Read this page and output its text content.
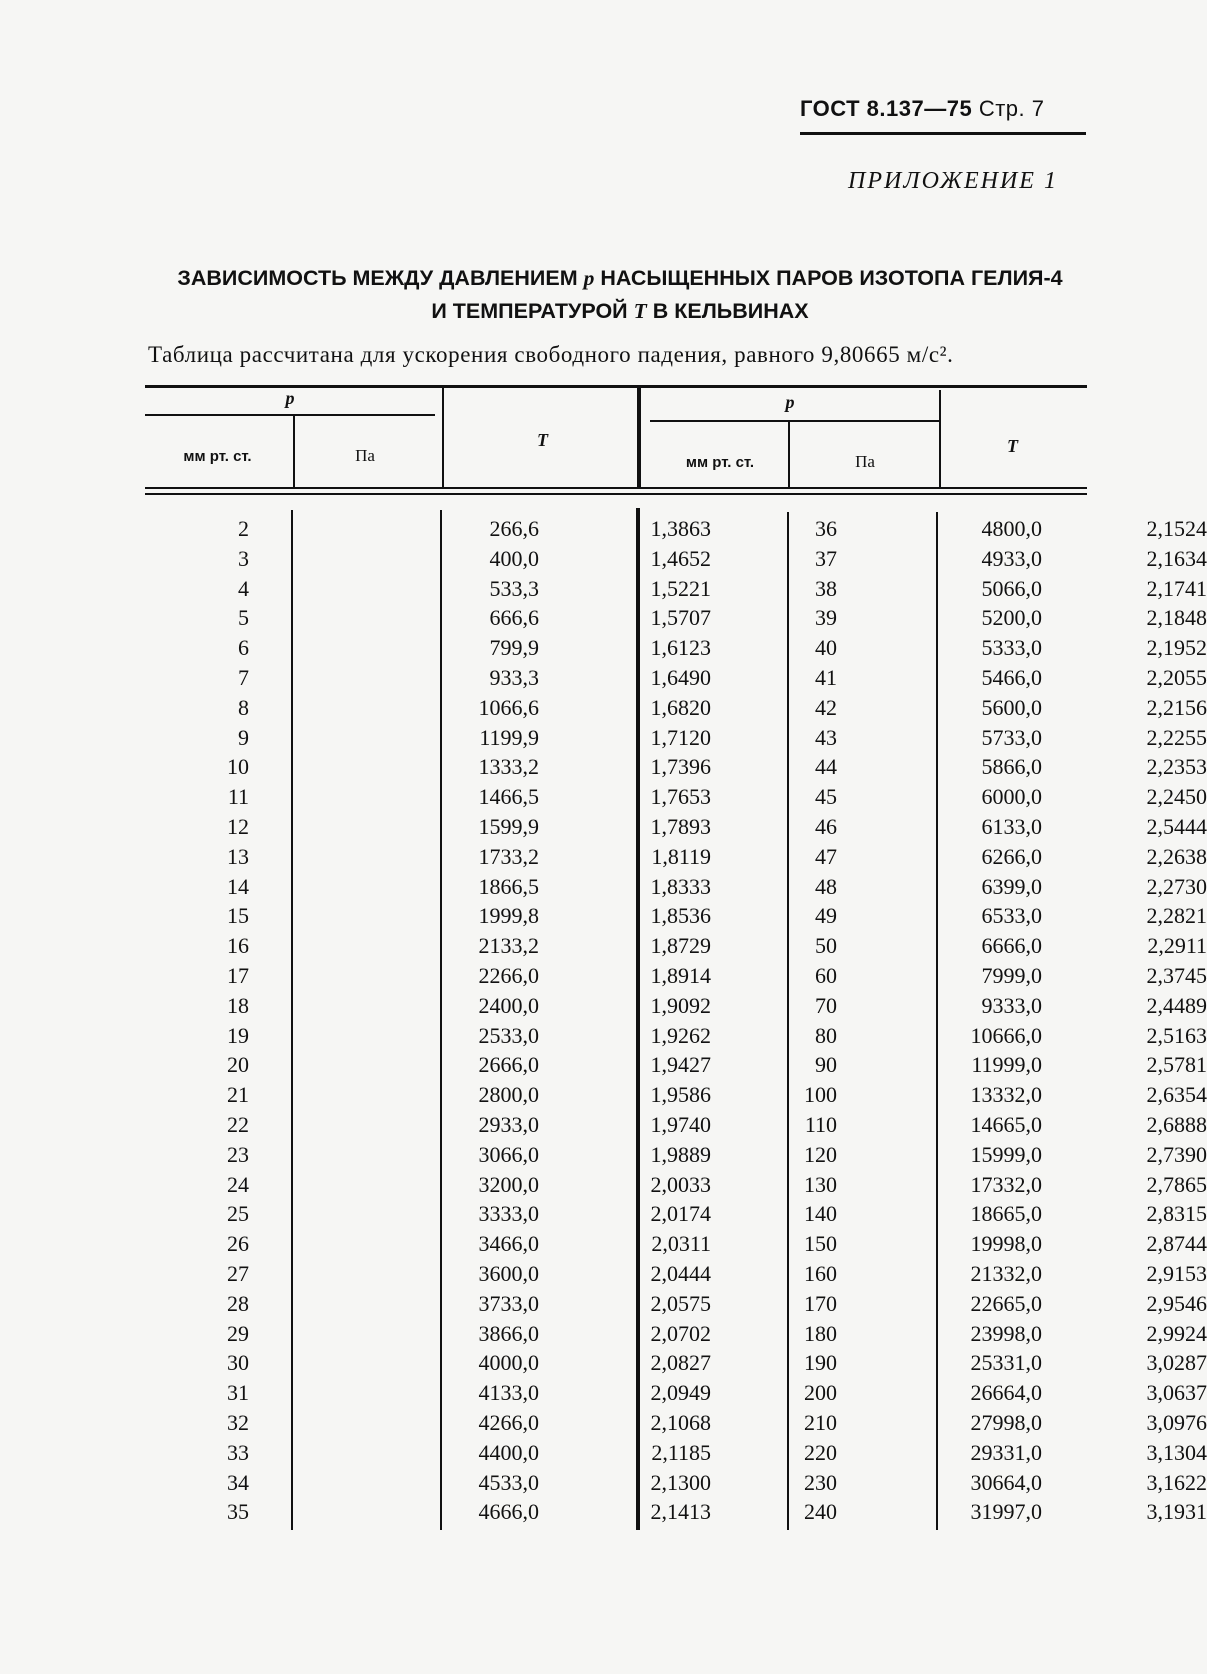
ГОСТ 8.137—75 Стр. 7
ПРИЛОЖЕНИЕ 1
ЗАВИСИМОСТЬ МЕЖДУ ДАВЛЕНИЕМ p НАСЫЩЕННЫХ ПАРОВ ИЗОТОПА ГЕЛИЯ-4
И ТЕМПЕРАТУРОЙ T В КЕЛЬВИНАХ
Таблица рассчитана для ускорения свободного падения, равного 9,80665 м/с².
p
мм рт. ст.	Па
T
p
мм рт. ст.	Па
T
2	266,6	1,3863	36	4800,0	2,1524
3	400,0	1,4652	37	4933,0	2,1634
4	533,3	1,5221	38	5066,0	2,1741
5	666,6	1,5707	39	5200,0	2,1848
6	799,9	1,6123	40	5333,0	2,1952
7	933,3	1,6490	41	5466,0	2,2055
8	1066,6	1,6820	42	5600,0	2,2156
9	1199,9	1,7120	43	5733,0	2,2255
10	1333,2	1,7396	44	5866,0	2,2353
11	1466,5	1,7653	45	6000,0	2,2450
12	1599,9	1,7893	46	6133,0	2,5444
13	1733,2	1,8119	47	6266,0	2,2638
14	1866,5	1,8333	48	6399,0	2,2730
15	1999,8	1,8536	49	6533,0	2,2821
16	2133,2	1,8729	50	6666,0	2,2911
17	2266,0	1,8914	60	7999,0	2,3745
18	2400,0	1,9092	70	9333,0	2,4489
19	2533,0	1,9262	80	10666,0	2,5163
20	2666,0	1,9427	90	11999,0	2,5781
21	2800,0	1,9586	100	13332,0	2,6354
22	2933,0	1,9740	110	14665,0	2,6888
23	3066,0	1,9889	120	15999,0	2,7390
24	3200,0	2,0033	130	17332,0	2,7865
25	3333,0	2,0174	140	18665,0	2,8315
26	3466,0	2,0311	150	19998,0	2,8744
27	3600,0	2,0444	160	21332,0	2,9153
28	3733,0	2,0575	170	22665,0	2,9546
29	3866,0	2,0702	180	23998,0	2,9924
30	4000,0	2,0827	190	25331,0	3,0287
31	4133,0	2,0949	200	26664,0	3,0637
32	4266,0	2,1068	210	27998,0	3,0976
33	4400,0	2,1185	220	29331,0	3,1304
34	4533,0	2,1300	230	30664,0	3,1622
35	4666,0	2,1413	240	31997,0	3,1931
